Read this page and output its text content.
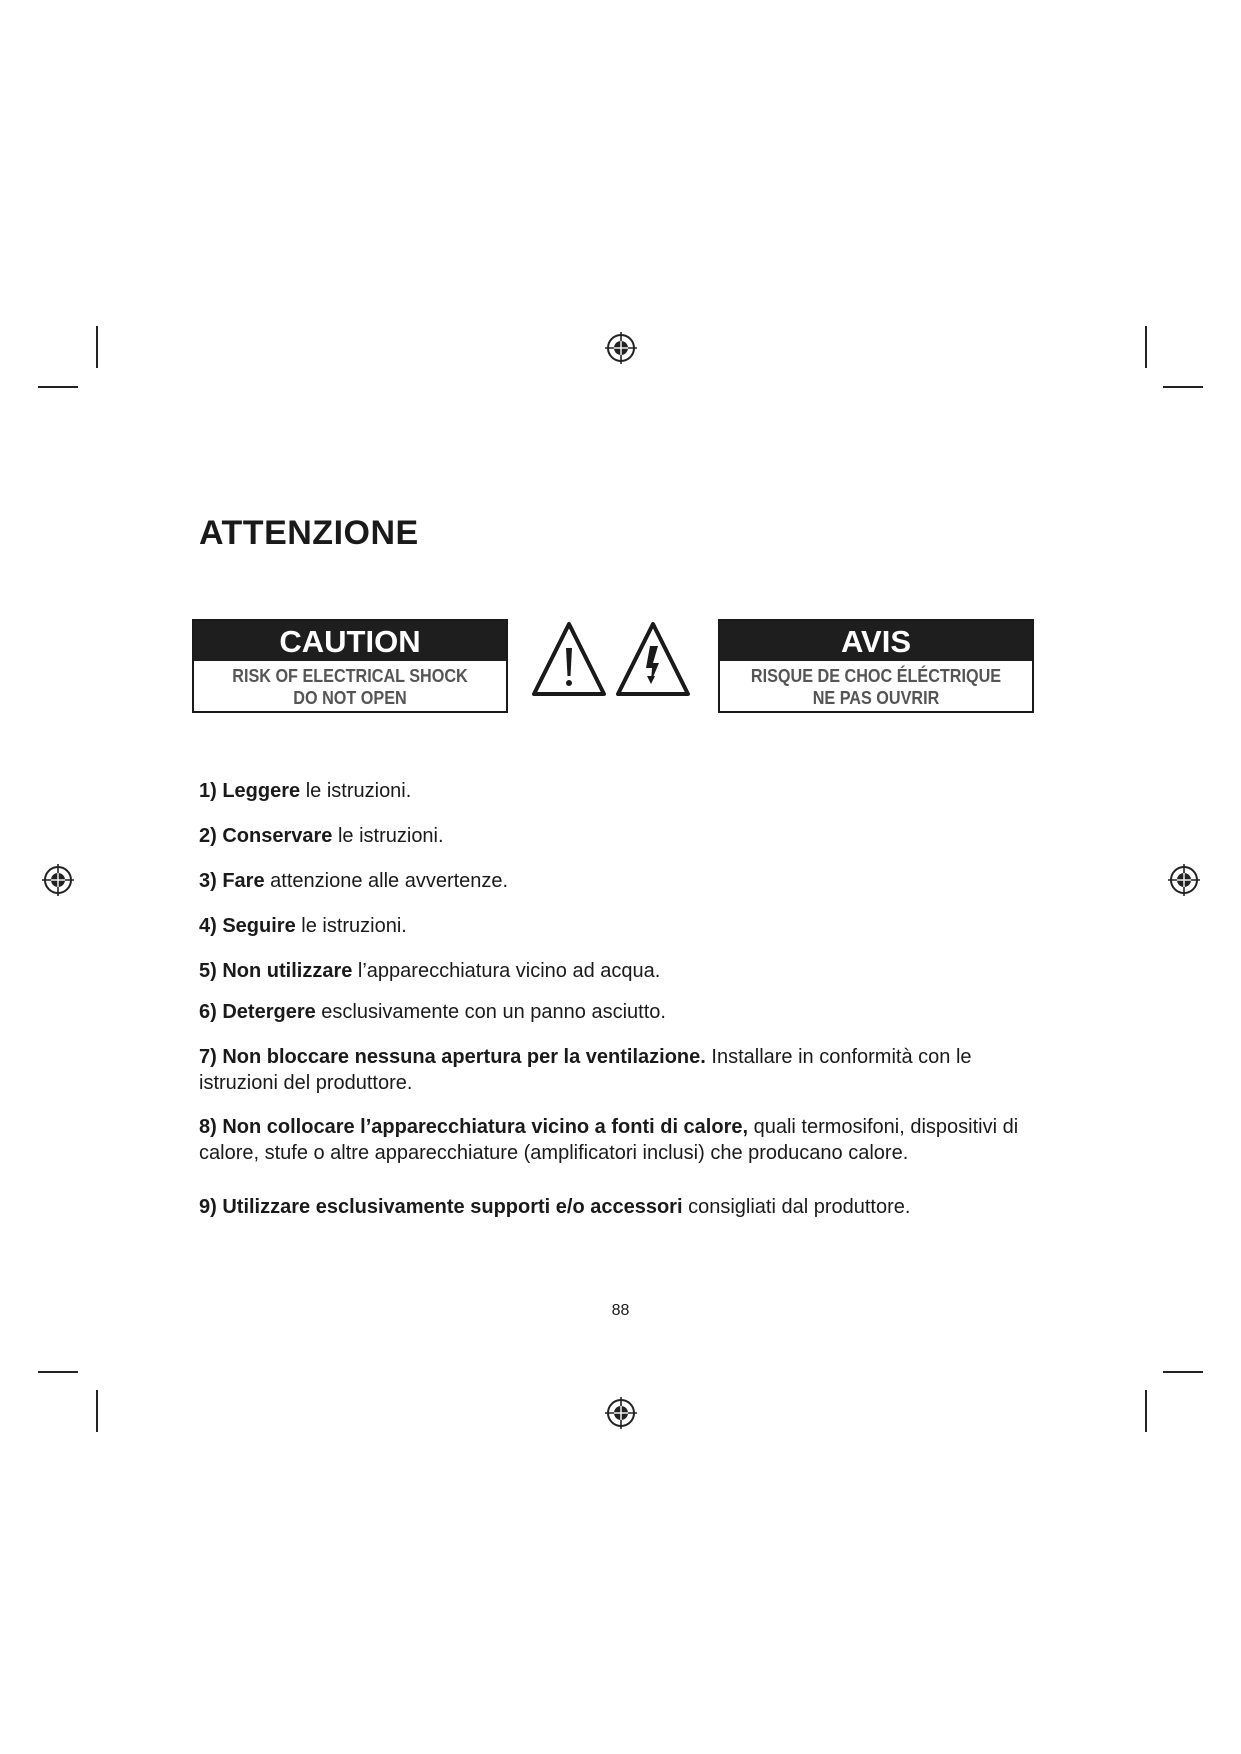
ATTENZIONE
CAUTION
RISK OF ELECTRICAL SHOCK
DO NOT OPEN
AVIS
RISQUE DE CHOC ÉLÉCTRIQUE
NE PAS OUVRIR
1) Leggere le istruzioni.
2) Conservare le istruzioni.
3) Fare attenzione alle avvertenze.
4) Seguire le istruzioni.
5) Non utilizzare l’apparecchiatura vicino ad acqua.
6) Detergere esclusivamente con un panno asciutto.
7) Non bloccare nessuna apertura per la ventilazione. Installare in conformità con le istruzioni del produttore.
8) Non collocare l’apparecchiatura vicino a fonti di calore, quali termosifoni, dispositivi di calore, stufe o altre apparecchiature (amplificatori inclusi) che producano calore.
9) Utilizzare esclusivamente supporti e/o accessori consigliati dal produttore.
88
